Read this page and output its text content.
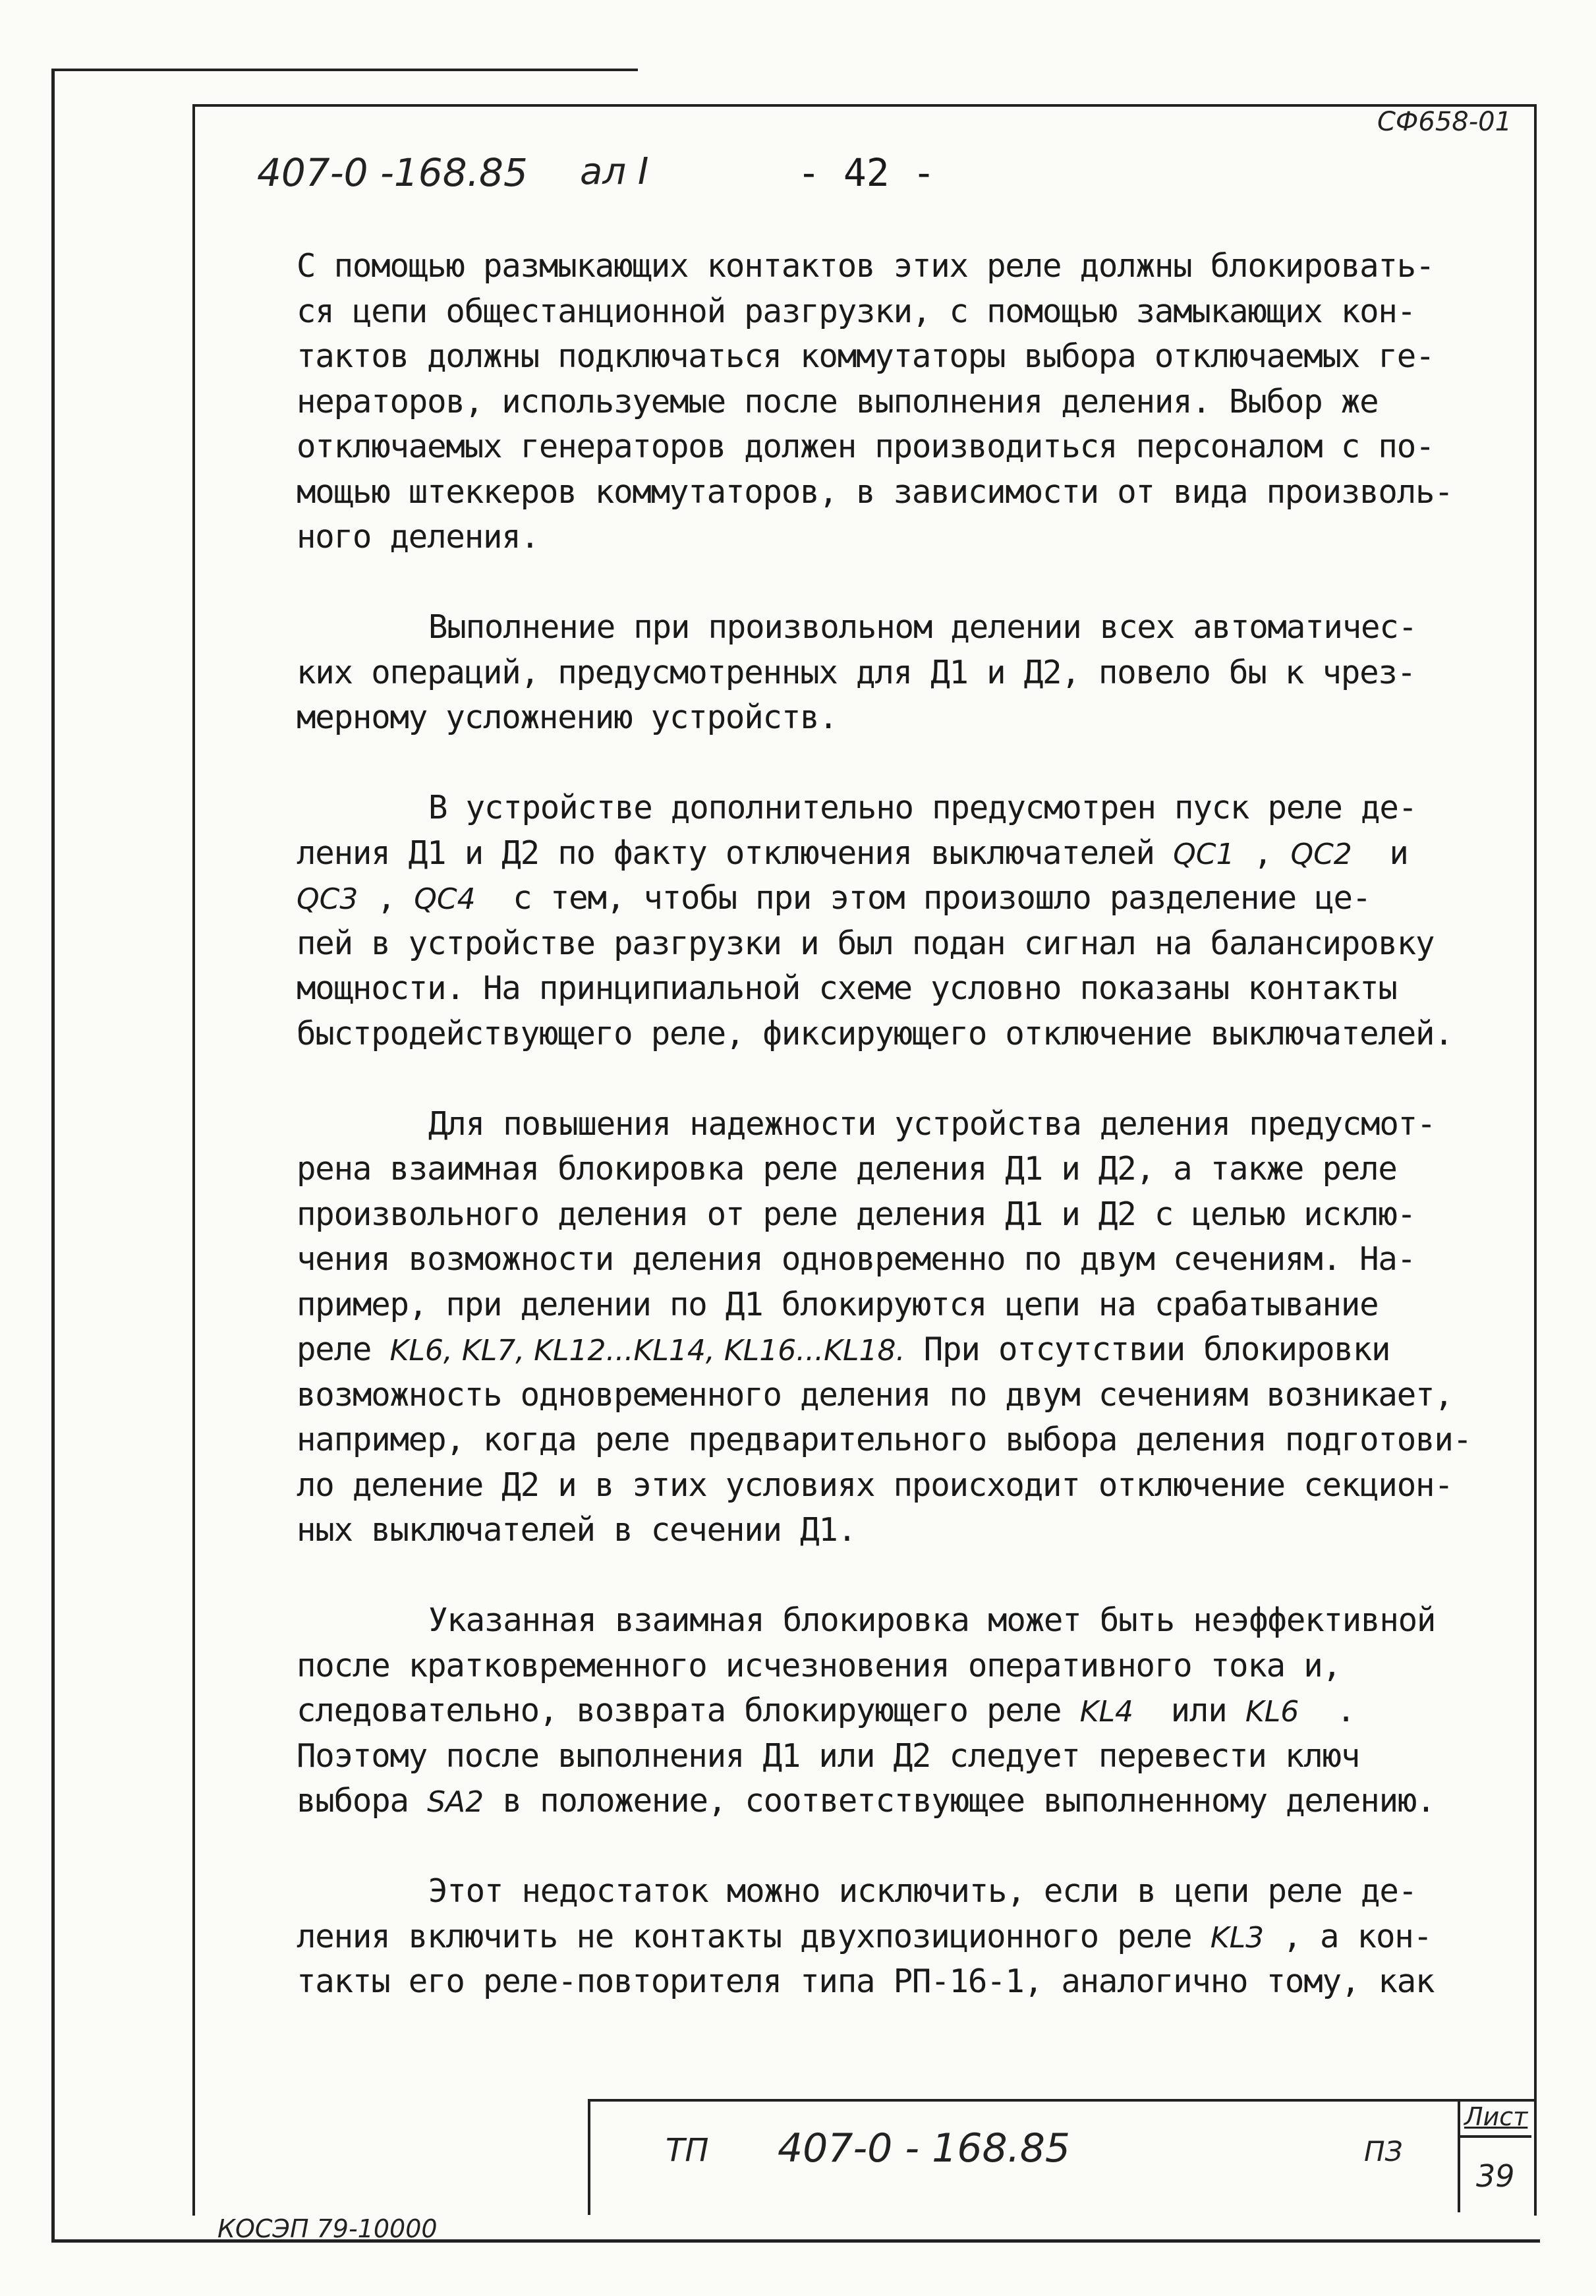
СФ658-01
407-0 -168.85 ал I	- 42 -
С помощью размыкающих контактов этих реле должны блокировать-
ся цепи общестанционной разгрузки, с помощью замыкающих кон-
тактов должны подключаться коммутаторы выбора отключаемых ге-
нераторов, используемые после выполнения деления. Выбор же
отключаемых генераторов должен производиться персоналом с по-
мощью штеккеров коммутаторов, в зависимости от вида произволь-
ного деления.
Выполнение при произвольном делении всех автоматичес-
ких операций, предусмотренных для Д1 и Д2, повело бы к чрез-
мерному усложнению устройств.
В устройстве дополнительно предусмотрен пуск реле де-
ления Д1 и Д2 по факту отключения выключателей QC1 , QC2 и
QC3 , QC4 с тем, чтобы при этом произошло разделение це-
пей в устройстве разгрузки и был подан сигнал на балансировку
мощности. На принципиальной схеме условно показаны контакты
быстродействующего реле, фиксирующего отключение выключателей.
Для повышения надежности устройства деления предусмот-
рена взаимная блокировка реле деления Д1 и Д2, а также реле
произвольного деления от реле деления Д1 и Д2 с целью исклю-
чения возможности деления одновременно по двум сечениям. На-
пример, при делении по Д1 блокируются цепи на срабатывание
реле KL6, KL7, KL12...KL14, KL16...KL18. При отсутствии блокировки
возможность одновременного деления по двум сечениям возникает,
например, когда реле предварительного выбора деления подготови-
ло деление Д2 и в этих условиях происходит отключение секцион-
ных выключателей в сечении Д1.
Указанная взаимная блокировка может быть неэффективной
после кратковременного исчезновения оперативного тока и,
следовательно, возврата блокирующего реле KL4 или KL6 .
Поэтому после выполнения Д1 или Д2 следует перевести ключ
выбора SA2 в положение, соответствующее выполненному делению.
Этот недостаток можно исключить, если в цепи реле де-
ления включить не контакты двухпозиционного реле KL3 , а кон-
такты его реле-повторителя типа РП-16-1, аналогично тому, как
ТП 407-0 - 168.85	ПЗ
Лист
39
КОСЭП 79-10000
